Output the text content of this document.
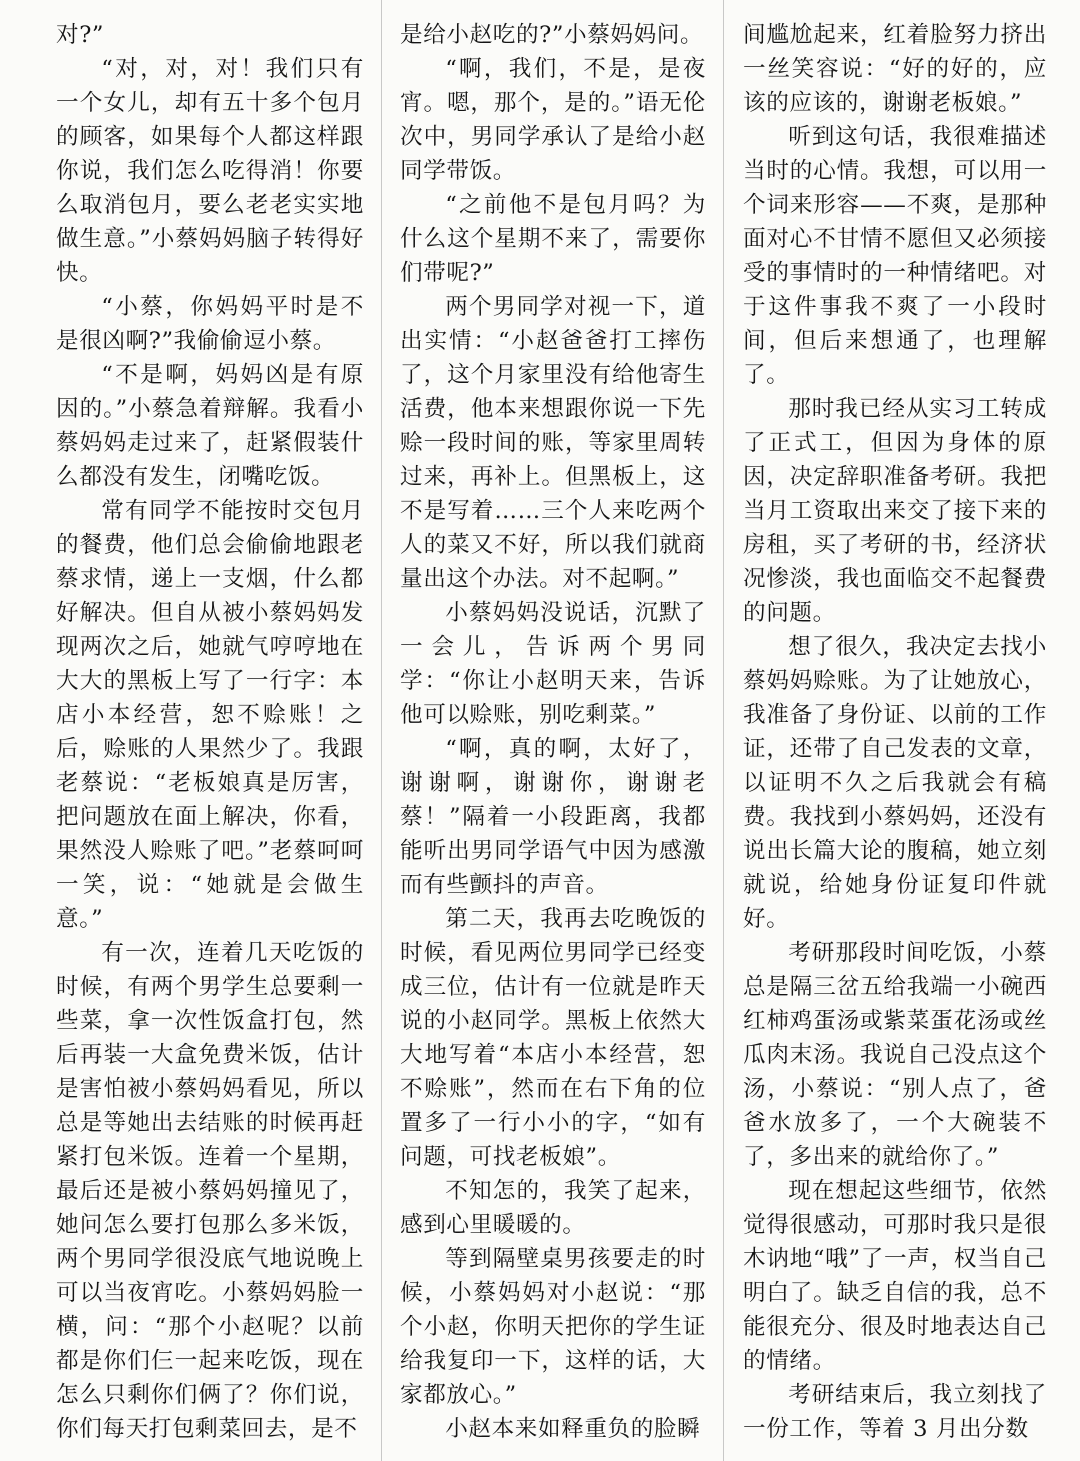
对?”

“对，对，对！我们只有一个女儿，却有五十多个包月的顾客，如果每个人都这样跟你说，我们怎么吃得消！你要么取消包月，要么老老实实地做生意。”小蔡妈妈脑子转得好快。

“小蔡，你妈妈平时是不是很凶啊?”我偷偷逗小蔡。

“不是啊，妈妈凶是有原因的。”小蔡急着辩解。我看小蔡妈妈走过来了，赶紧假装什么都没有发生，闭嘴吃饭。

常有同学不能按时交包月的餐费，他们总会偷偷地跟老蔡求情，递上一支烟，什么都好解决。但自从被小蔡妈妈发现两次之后，她就气哼哼地在大大的黑板上写了一行字：本店小本经营，恕不赊账！之后，赊账的人果然少了。我跟老蔡说：“老板娘真是厉害，把问题放在面上解决，你看，果然没人赊账了吧。”老蔡呵呵一笑，说：“她就是会做生意。”

有一次，连着几天吃饭的时候，有两个男学生总要剩一些菜，拿一次性饭盒打包，然后再装一大盒免费米饭，估计是害怕被小蔡妈妈看见，所以总是等她出去结账的时候再赶紧打包米饭。连着一个星期，最后还是被小蔡妈妈撞见了，她问怎么要打包那么多米饭，两个男同学很没底气地说晚上可以当夜宵吃。小蔡妈妈脸一横，问：“那个小赵呢？以前都是你们仨一起来吃饭，现在怎么只剩你们俩了？你们说，你们每天打包剩菜回去，是不

是给小赵吃的?”小蔡妈妈问。

“啊，我们，不是，是夜宵。嗯，那个，是的。”语无伦次中，男同学承认了是给小赵同学带饭。

“之前他不是包月吗？为什么这个星期不来了，需要你们带呢?”

两个男同学对视一下，道出实情：“小赵爸爸打工摔伤了，这个月家里没有给他寄生活费，他本来想跟你说一下先赊一段时间的账，等家里周转过来，再补上。但黑板上，这不是写着……三个人来吃两个人的菜又不好，所以我们就商量出这个办法。对不起啊。”

小蔡妈妈没说话，沉默了一会儿，告诉两个男同学：“你让小赵明天来，告诉他可以赊账，别吃剩菜。”

“啊，真的啊，太好了，谢谢啊，谢谢你，谢谢老蔡！”隔着一小段距离，我都能听出男同学语气中因为感激而有些颤抖的声音。

第二天，我再去吃晚饭的时候，看见两位男同学已经变成三位，估计有一位就是昨天说的小赵同学。黑板上依然大大地写着“本店小本经营，恕不赊账”，然而在右下角的位置多了一行小小的字，“如有问题，可找老板娘”。

不知怎的，我笑了起来，感到心里暖暖的。

等到隔壁桌男孩要走的时候，小蔡妈妈对小赵说：“那个小赵，你明天把你的学生证给我复印一下，这样的话，大家都放心。”

小赵本来如释重负的脸瞬

间尴尬起来，红着脸努力挤出一丝笑容说：“好的好的，应该的应该的，谢谢老板娘。”

听到这句话，我很难描述当时的心情。我想，可以用一个词来形容——不爽，是那种面对心不甘情不愿但又必须接受的事情时的一种情绪吧。对于这件事我不爽了一小段时间，但后来想通了，也理解了。

那时我已经从实习工转成了正式工，但因为身体的原因，决定辞职准备考研。我把当月工资取出来交了接下来的房租，买了考研的书，经济状况惨淡，我也面临交不起餐费的问题。

想了很久，我决定去找小蔡妈妈赊账。为了让她放心，我准备了身份证、以前的工作证，还带了自己发表的文章，以证明不久之后我就会有稿费。我找到小蔡妈妈，还没有说出长篇大论的腹稿，她立刻就说，给她身份证复印件就好。

考研那段时间吃饭，小蔡总是隔三岔五给我端一小碗西红柿鸡蛋汤或紫菜蛋花汤或丝瓜肉末汤。我说自己没点这个汤，小蔡说：“别人点了，爸爸水放多了，一个大碗装不了，多出来的就给你了。”

现在想起这些细节，依然觉得很感动，可那时我只是很木讷地“哦”了一声，权当自己明白了。缺乏自信的我，总不能很充分、很及时地表达自己的情绪。

考研结束后，我立刻找了一份工作，等着 3 月出分数
